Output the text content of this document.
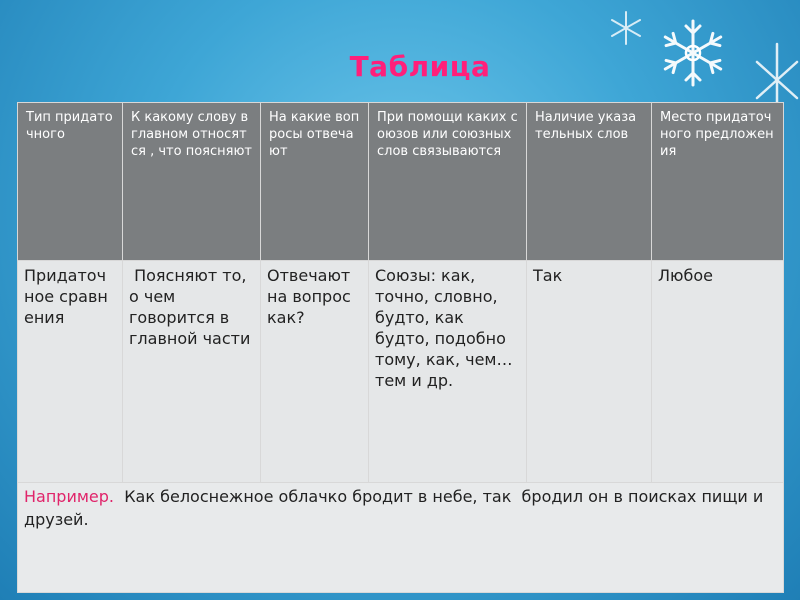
Таблица
Тип придаточного	К какому слову в главном относятся , что поясняют	На какие вопросы отвечают	При помощи каких союзов или союзных слов связываются	Наличие указательных слов	Место придаточного предложения
Придаточное сравнения	Поясняют то, о чем говорится в главной части	Отвечают на вопрос как?	Союзы: как, точно, словно, будто, как будто, подобно тому, как, чем…тем и др.	Так	Любое
Например.  Как белоснежное облачко бродит в небе, так  бродил он в поисках пищи и друзей.					
